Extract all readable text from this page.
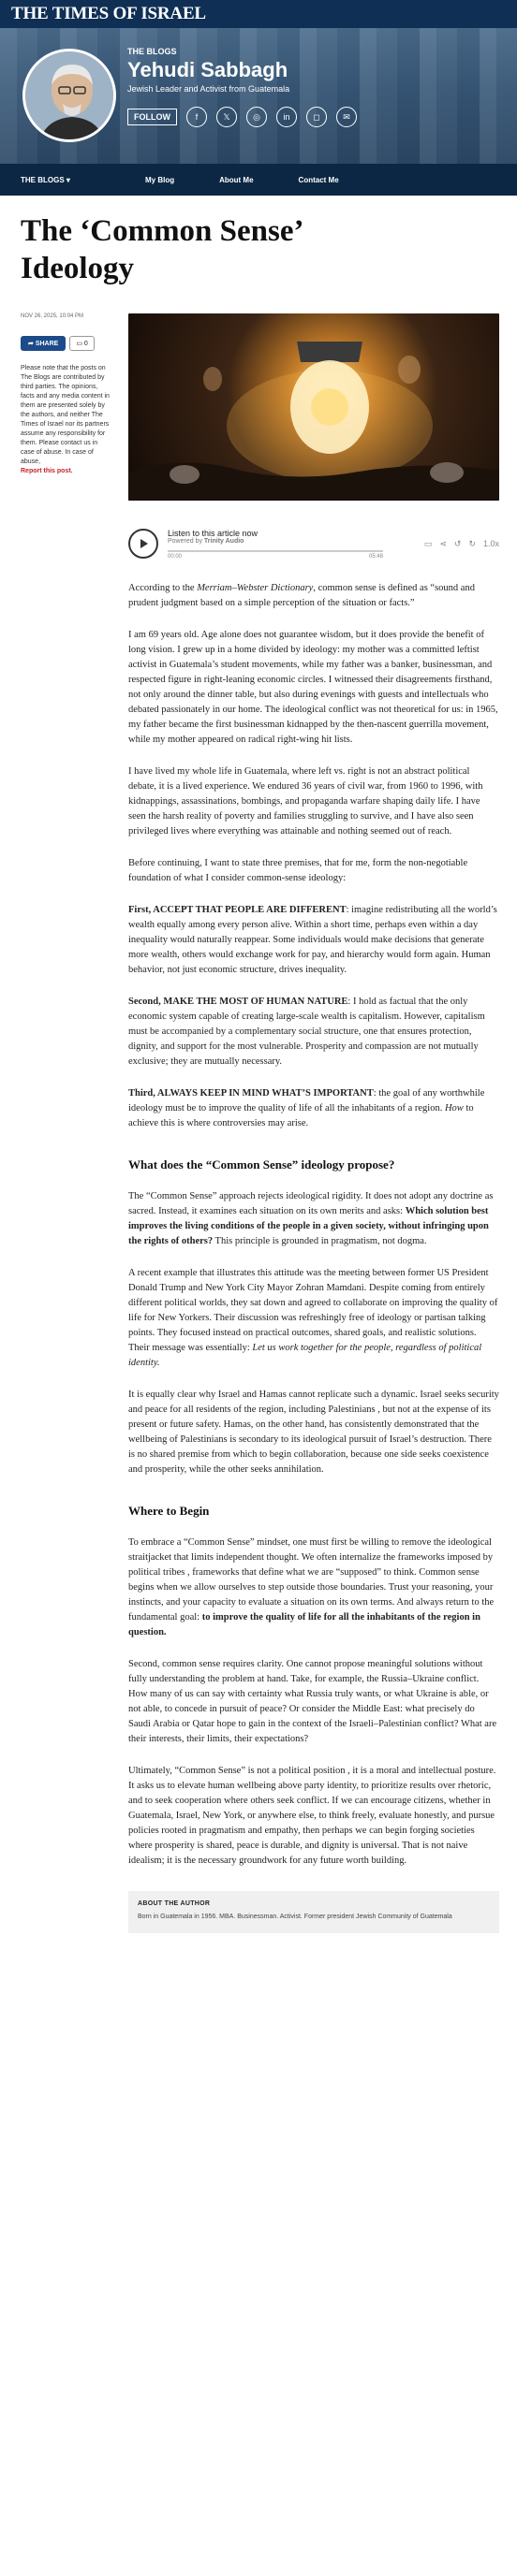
THE TIMES OF ISRAEL
THE BLOGS
Yehudi Sabbagh
Jewish Leader and Activist from Guatemala
FOLLOW	f	𝕏	◎	in	◻	✉
THE BLOGS ▾	My Blog	About Me	Contact Me
The ‘Common Sense’ Ideology
NOV 26, 2025, 10:04 PM
➦ SHARE	▭ 0
Please note that the posts on The Blogs are contributed by third parties. The opinions, facts and any media content in them are presented solely by the authors, and neither The Times of Israel nor its partners assume any responsibility for them. Please contact us in case of abuse. In case of abuse,
Report this post.
Listen to this article now
Powered by Trinity Audio
00:00	05:48
▭ ⋖ ↺ ↻ 1.0x

According to the Merriam–Webster Dictionary, common sense is defined as “sound and prudent judgment based on a simple perception of the situation or facts.”

I am 69 years old. Age alone does not guarantee wisdom, but it does provide the benefit of long vision. I grew up in a home divided by ideology: my mother was a committed leftist activist in Guatemala’s student movements, while my father was a banker, businessman, and respected figure in right-leaning economic circles. I witnessed their disagreements firsthand, not only around the dinner table, but also during evenings with guests and intellectuals who debated passionately in our home. The ideological conflict was not theoretical for us: in 1965, my father became the first businessman kidnapped by the then-nascent guerrilla movement, while my mother appeared on radical right-wing hit lists.

I have lived my whole life in Guatemala, where left vs. right is not an abstract political debate, it is a lived experience. We endured 36 years of civil war, from 1960 to 1996, with kidnappings, assassinations, bombings, and propaganda warfare shaping daily life. I have seen the harsh reality of poverty and families struggling to survive, and I have also seen privileged lives where everything was attainable and nothing seemed out of reach.

Before continuing, I want to state three premises, that for me, form the non-negotiable foundation of what I consider common-sense ideology:

First, ACCEPT THAT PEOPLE ARE DIFFERENT: imagine redistributing all the world’s wealth equally among every person alive. Within a short time, perhaps even within a day inequality would naturally reappear. Some individuals would make decisions that generate more wealth, others would exchange work for pay, and hierarchy would form again. Human behavior, not just economic structure, drives inequality.

Second, MAKE THE MOST OF HUMAN NATURE: I hold as factual that the only economic system capable of creating large-scale wealth is capitalism. However, capitalism must be accompanied by a complementary social structure, one that ensures protection, dignity, and support for the most vulnerable. Prosperity and compassion are not mutually exclusive; they are mutually necessary.

Third, ALWAYS KEEP IN MIND WHAT’S IMPORTANT: the goal of any worthwhile ideology must be to improve the quality of life of all the inhabitants of a region. How to achieve this is where controversies may arise.

What does the “Common Sense” ideology propose?

The “Common Sense” approach rejects ideological rigidity. It does not adopt any doctrine as sacred. Instead, it examines each situation on its own merits and asks: Which solution best improves the living conditions of the people in a given society, without infringing upon the rights of others? This principle is grounded in pragmatism, not dogma.

A recent example that illustrates this attitude was the meeting between former US President Donald Trump and New York City Mayor Zohran Mamdani. Despite coming from entirely different political worlds, they sat down and agreed to collaborate on improving the quality of life for New Yorkers. Their discussion was refreshingly free of ideology or partisan talking points. They focused instead on practical outcomes, shared goals, and realistic solutions. Their message was essentially: Let us work together for the people, regardless of political identity.

It is equally clear why Israel and Hamas cannot replicate such a dynamic. Israel seeks security and peace for all residents of the region, including Palestinians , but not at the expense of its present or future safety. Hamas, on the other hand, has consistently demonstrated that the wellbeing of Palestinians is secondary to its ideological pursuit of Israel’s destruction. There is no shared premise from which to begin collaboration, because one side seeks coexistence and prosperity, while the other seeks annihilation.

Where to Begin

To embrace a “Common Sense” mindset, one must first be willing to remove the ideological straitjacket that limits independent thought. We often internalize the frameworks imposed by political tribes , frameworks that define what we are “supposed” to think. Common sense begins when we allow ourselves to step outside those boundaries. Trust your reasoning, your instincts, and your capacity to evaluate a situation on its own terms. And always return to the fundamental goal: to improve the quality of life for all the inhabitants of the region in question.

Second, common sense requires clarity. One cannot propose meaningful solutions without fully understanding the problem at hand. Take, for example, the Russia–Ukraine conflict. How many of us can say with certainty what Russia truly wants, or what Ukraine is able, or not able, to concede in pursuit of peace? Or consider the Middle East: what precisely do Saudi Arabia or Qatar hope to gain in the context of the Israeli–Palestinian conflict? What are their interests, their limits, their expectations?

Ultimately, “Common Sense” is not a political position , it is a moral and intellectual posture. It asks us to elevate human wellbeing above party identity, to prioritize results over rhetoric, and to seek cooperation where others seek conflict. If we can encourage citizens, whether in Guatemala, Israel, New York, or anywhere else, to think freely, evaluate honestly, and pursue policies rooted in pragmatism and empathy, then perhaps we can begin forging societies where prosperity is shared, peace is durable, and dignity is universal. That is not naive idealism; it is the necessary groundwork for any future worth building.

ABOUT THE AUTHOR
Born in Guatemala in 1956. MBA. Businessman. Activist. Former president Jewish Community of Guatemala
